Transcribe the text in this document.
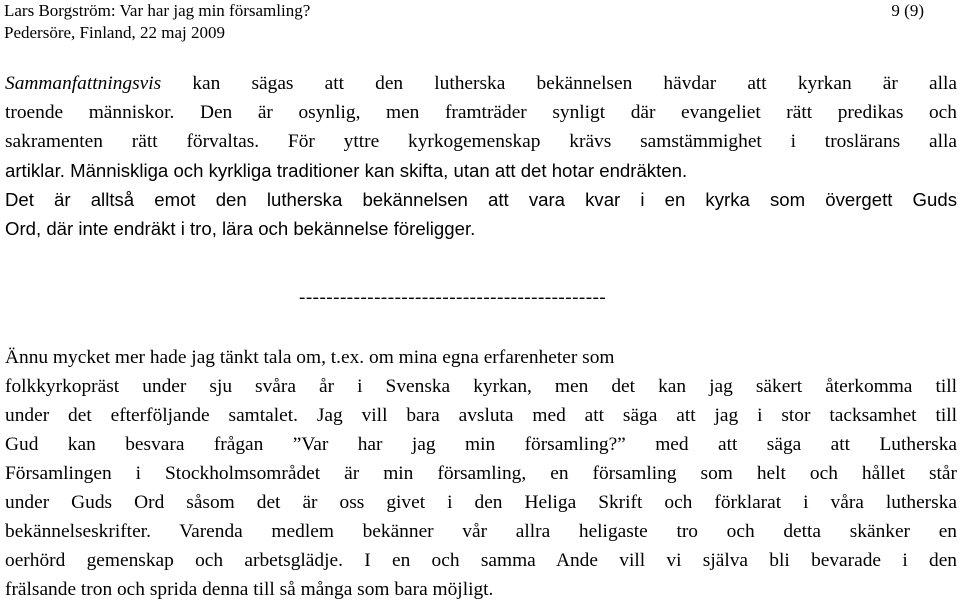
Lars Borgström: Var har jag min församling?
Pedersöre, Finland, 22 maj 2009
9 (9)
Sammanfattningsvis kan sägas att den lutherska bekännelsen hävdar att kyrkan är alla
troende människor. Den är osynlig, men framträder synligt där evangeliet rätt predikas och
sakramenten rätt förvaltas. För yttre kyrkogemenskap krävs samstämmighet i troslärans alla
artiklar. Människliga och kyrkliga traditioner kan skifta, utan att det hotar endräkten.
Det är alltså emot den lutherska bekännelsen att vara kvar i en kyrka som övergett Guds
Ord, där inte endräkt i tro, lära och bekännelse föreligger.
---------------------------------------------
Ännu mycket mer hade jag tänkt tala om, t.ex. om mina egna erfarenheter som
folkkyrkopräst under sju svåra år i Svenska kyrkan, men det kan jag säkert återkomma till
under det efterföljande samtalet. Jag vill bara avsluta med att säga att jag i stor tacksamhet till
Gud kan besvara frågan ”Var har jag min församling?” med att säga att Lutherska
Församlingen i Stockholmsområdet är min församling, en församling som helt och hållet står
under Guds Ord såsom det är oss givet i den Heliga Skrift och förklarat i våra lutherska
bekännelseskrifter. Varenda medlem bekänner vår allra heligaste tro och detta skänker en
oerhörd gemenskap och arbetsglädje. I en och samma Ande vill vi själva bli bevarade i den
frälsande tron och sprida denna till så många som bara möjligt.
